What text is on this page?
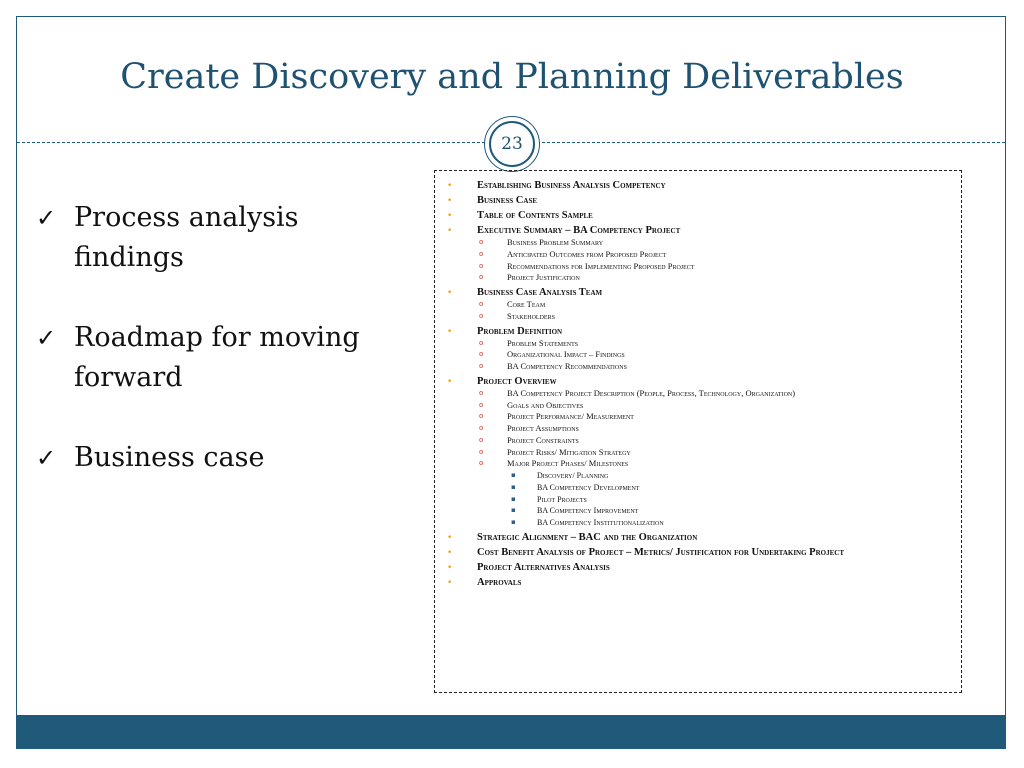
Create Discovery and Planning Deliverables
23
✓ Process analysis findings
✓ Roadmap for moving forward
✓ Business case
• Establishing Business Analysis Competency
• Business Case
• Table of Contents Sample
• Executive Summary – BA Competency Project
o	Business Problem Summary
o	Anticipated Outcomes from Proposed Project
o	Recommendations for Implementing Proposed Project
o	Project Justification
• Business Case Analysis Team
o	Core Team
o	Stakeholders
• Problem Definition
o	Problem Statements
o	Organizational Impact – Findings
o	BA Competency Recommendations
• Project Overview
o	BA Competency Project Description (People, Process, Technology, Organization)
o	Goals and Objectives
o	Project Performance/ Measurement
o	Project Assumptions
o	Project Constraints
o	Project Risks/ Mitigation Strategy
o	Major Project Phases/ Milestones
▪	Discovery/ Planning
▪	BA Competency Development
▪	Pilot Projects
▪	BA Competency Improvement
▪	BA Competency Institutionalization
• Strategic Alignment – BAC and the Organization
• Cost Benefit Analysis of Project – Metrics/ Justification for Undertaking Project
• Project Alternatives Analysis
• Approvals
